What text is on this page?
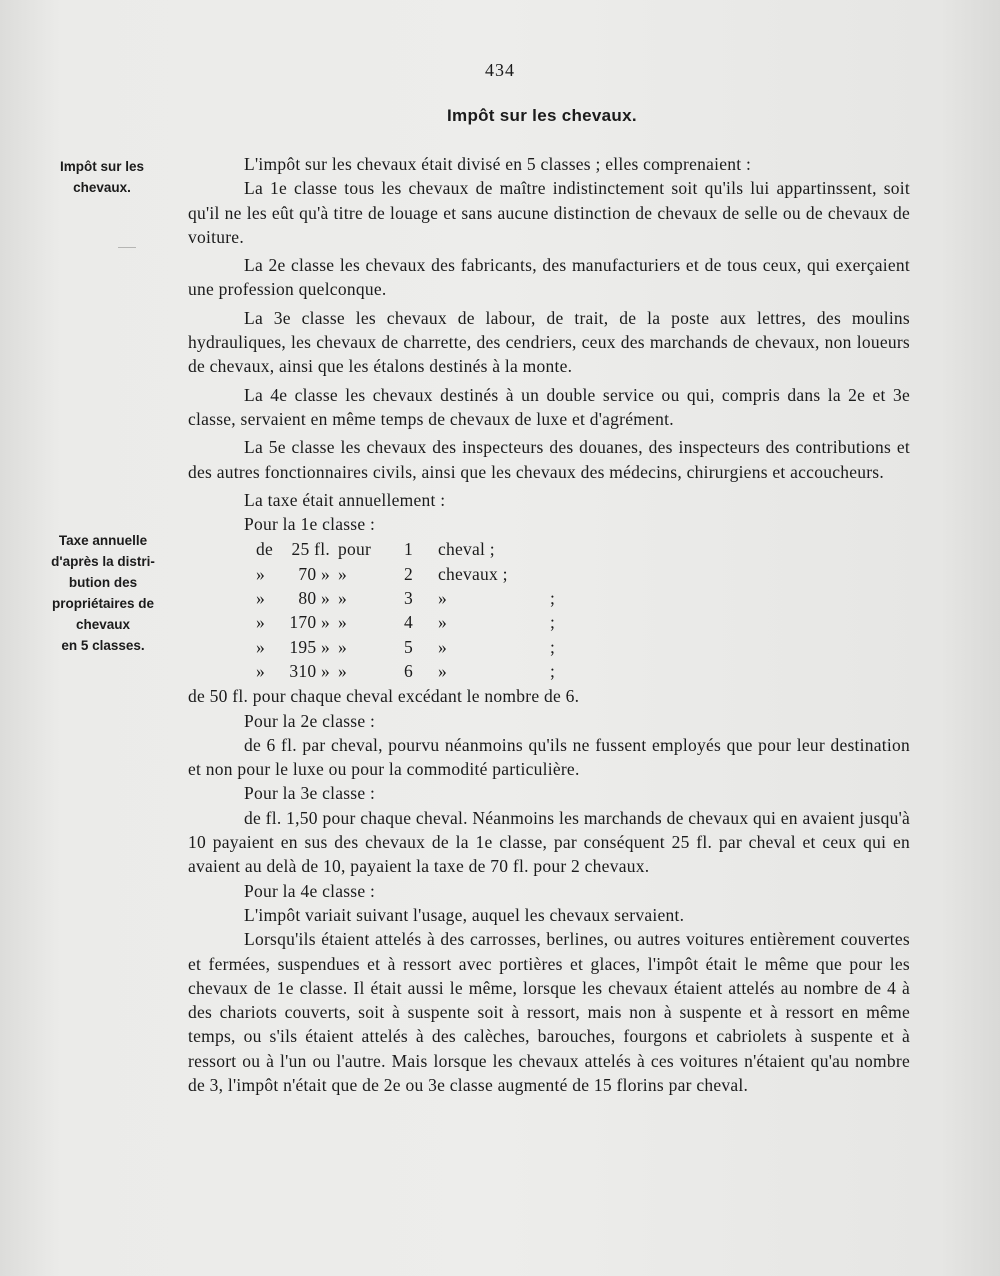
434
Impôt sur les chevaux.
Impôt sur les
chevaux.
Taxe annuelle
d'après la distri-
bution des
propriétaires de
chevaux
en 5 classes.

L'impôt sur les chevaux était divisé en 5 classes ; elles comprenaient :

La 1e classe tous les chevaux de maître indistinctement soit qu'ils lui appartinssent, soit qu'il ne les eût qu'à titre de louage et sans aucune distinction de chevaux de selle ou de chevaux de voiture.

La 2e classe les chevaux des fabricants, des manufacturiers et de tous ceux, qui exerçaient une profession quelconque.

La 3e classe les chevaux de labour, de trait, de la poste aux lettres, des moulins hydrauliques, les chevaux de charrette, des cendriers, ceux des marchands de chevaux, non loueurs de chevaux, ainsi que les étalons destinés à la monte.

La 4e classe les chevaux destinés à un double service ou qui, compris dans la 2e et 3e classe, servaient en même temps de chevaux de luxe et d'agrément.

La 5e classe les chevaux des inspecteurs des douanes, des inspecteurs des contributions et des autres fonctionnaires civils, ainsi que les chevaux des médecins, chirurgiens et accoucheurs.

La taxe était annuellement :

Pour la 1e classe :

de	25 fl.	pour	1	cheval ;	
»	70 »	»	2	chevaux ;	
»	80 »	»	3	»	;
»	170 »	»	4	»	;
»	195 »	»	5	»	;
»	310 »	»	6	»	;

de 50 fl. pour chaque cheval excédant le nombre de 6.

Pour la 2e classe :

de 6 fl. par cheval, pourvu néanmoins qu'ils ne fussent employés que pour leur destination et non pour le luxe ou pour la commodité particulière.

Pour la 3e classe :

de fl. 1,50 pour chaque cheval. Néanmoins les marchands de chevaux qui en avaient jusqu'à 10 payaient en sus des chevaux de la 1e classe, par conséquent 25 fl. par cheval et ceux qui en avaient au delà de 10, payaient la taxe de 70 fl. pour 2 chevaux.

Pour la 4e classe :

L'impôt variait suivant l'usage, auquel les chevaux servaient.

Lorsqu'ils étaient attelés à des carrosses, berlines, ou autres voitures entièrement couvertes et fermées, suspendues et à ressort avec portières et glaces, l'impôt était le même que pour les chevaux de 1e classe. Il était aussi le même, lorsque les chevaux étaient attelés au nombre de 4 à des chariots couverts, soit à suspente soit à ressort, mais non à suspente et à ressort en même temps, ou s'ils étaient attelés à des calèches, barouches, fourgons et cabriolets à suspente et à ressort ou à l'un ou l'autre. Mais lorsque les chevaux attelés à ces voitures n'étaient qu'au nombre de 3, l'impôt n'était que de 2e ou 3e classe augmenté de 15 florins par cheval.
